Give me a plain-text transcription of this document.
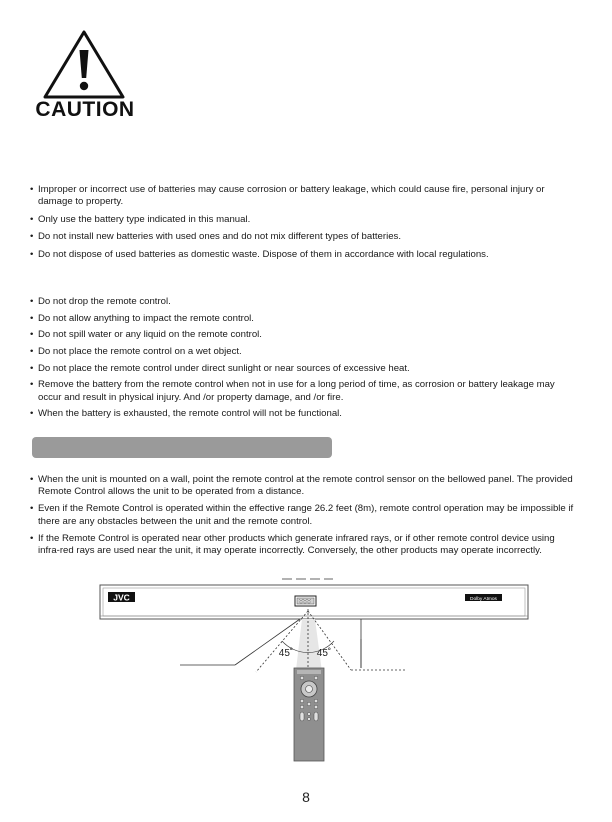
CAUTION
• Improper or incorrect use of batteries may cause corrosion or battery leakage, which could cause fire, personal injury or damage to property.
• Only use the battery type indicated in this manual.
• Do not install new batteries with used ones and do not mix different types of batteries.
• Do not dispose of used batteries as domestic waste. Dispose of them in accordance with local regulations.
• Do not drop the remote control.
• Do not allow anything to impact the remote control.
• Do not spill water or any liquid on the remote control.
• Do not place the remote control on a wet object.
• Do not place the remote control under direct sunlight or near sources of excessive heat.
• Remove the battery from the remote control when not in use for a long period of time, as corrosion or battery leakage may occur and result in physical injury. And /or property damage, and /or fire.
• When the battery is exhausted, the remote control will not be functional.
• When the unit is mounted on a wall, point the remote control at the remote control sensor on the bellowed panel. The provided Remote Control allows the unit to be operated from a distance.
• Even if the Remote Control is operated within the effective range 26.2 feet (8m), remote control operation may be impossible if there are any obstacles between the unit and the remote control.
• If the Remote Control is operated near other products which generate infrared rays, or if other remote control device using infra-red rays are used near the unit, it may operate incorrectly. Conversely, the other products may operate incorrectly.
JVC	Dolby Atmos
45˚ 45˚
8
